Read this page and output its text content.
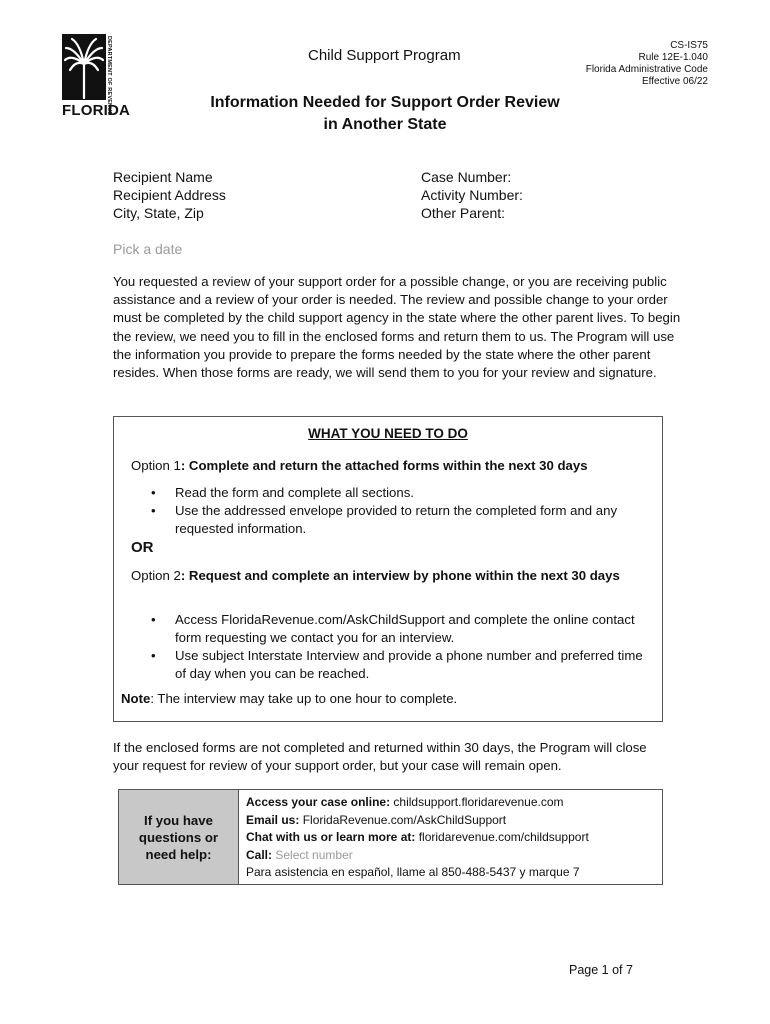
DEPARTMENT OF REVENUE
FLORIDA
Child Support Program
CS-IS75
Rule 12E-1.040
Florida Administrative Code
Effective 06/22
Information Needed for Support Order Review
in Another State
Recipient Name
Recipient Address
City, State, Zip
Case Number:
Activity Number:
Other Parent:
Pick a date
You requested a review of your support order for a possible change, or you are receiving public assistance and a review of your order is needed. The review and possible change to your order must be completed by the child support agency in the state where the other parent lives. To begin the review, we need you to fill in the enclosed forms and return them to us. The Program will use the information you provide to prepare the forms needed by the state where the other parent resides. When those forms are ready, we will send them to you for your review and signature.
WHAT YOU NEED TO DO
Option 1: Complete and return the attached forms within the next 30 days
• Read the form and complete all sections.
• Use the addressed envelope provided to return the completed form and any requested information.
OR
Option 2: Request and complete an interview by phone within the next 30 days
• Access FloridaRevenue.com/AskChildSupport and complete the online contact form requesting we contact you for an interview.
• Use subject Interstate Interview and provide a phone number and preferred time of day when you can be reached.
Note: The interview may take up to one hour to complete.
If the enclosed forms are not completed and returned within 30 days, the Program will close your request for review of your support order, but your case will remain open.
If you have questions or need help:
Access your case online: childsupport.floridarevenue.com
Email us: FloridaRevenue.com/AskChildSupport
Chat with us or learn more at: floridarevenue.com/childsupport
Call: Select number
Para asistencia en español, llame al 850-488-5437 y marque 7
Page 1 of 7
